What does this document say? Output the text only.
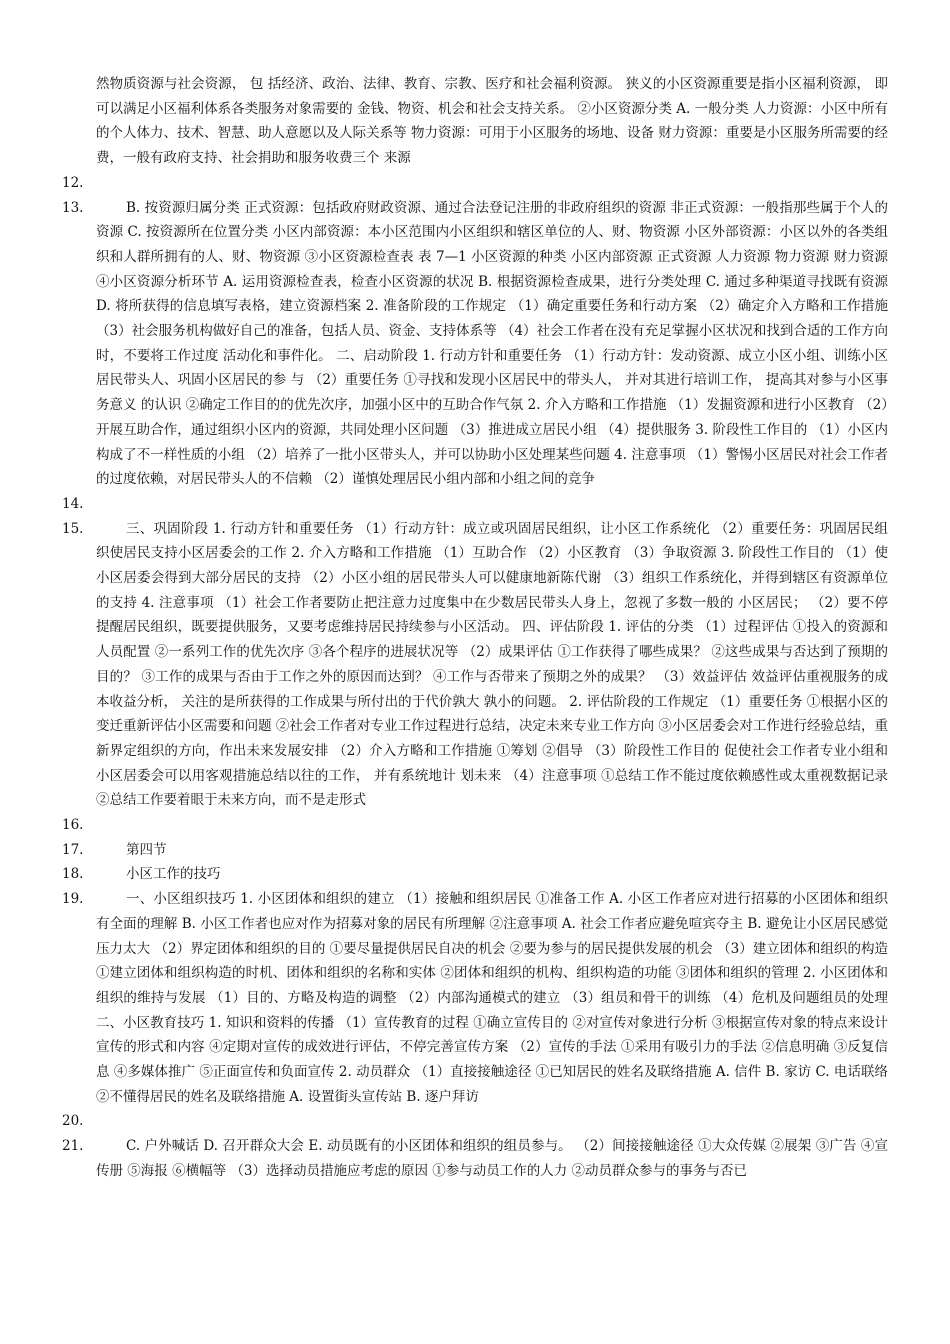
然物质资源与社会资源， 包 括经济、政治、法律、教育、宗教、医疗和社会福利资源。 狭义的小区资源重要是指小区福利资源， 即可以满足小区福利体系各类服务对象需要的 金钱、物资、机会和社会支持关系。 ②小区资源分类 A. 一般分类 人力资源：小区中所有的个人体力、技术、智慧、助人意愿以及人际关系等 物力资源：可用于小区服务的场地、设备 财力资源：重要是小区服务所需要的经费，一般有政府支持、社会捐助和服务收费三个 来源
12.
13.	B. 按资源归属分类 正式资源：包括政府财政资源、通过合法登记注册的非政府组织的资源 非正式资源：一般指那些属于个人的资源 C. 按资源所在位置分类 小区内部资源：本小区范围内小区组织和辖区单位的人、财、物资源 小区外部资源：小区以外的各类组织和人群所拥有的人、财、物资源 ③小区资源检查表 表 7—1 小区资源的种类 小区内部资源 正式资源 人力资源 物力资源 财力资源 ④小区资源分析环节 A. 运用资源检查表，检查小区资源的状况 B. 根据资源检查成果，进行分类处理 C. 通过多种渠道寻找既有资源 D. 将所获得的信息填写表格，建立资源档案 2. 准备阶段的工作规定 （1）确定重要任务和行动方案 （2）确定介入方略和工作措施 （3）社会服务机构做好自己的准备，包括人员、资金、支持体系等 （4）社会工作者在没有充足掌握小区状况和找到合适的工作方向时，不要将工作过度 活动化和事件化。 二、启动阶段 1. 行动方针和重要任务 （1）行动方针：发动资源、成立小区小组、训练小区居民带头人、巩固小区居民的参 与 （2）重要任务 ①寻找和发现小区居民中的带头人， 并对其进行培训工作， 提高其对参与小区事务意义 的认识 ②确定工作目的的优先次序，加强小区中的互助合作气氛 2. 介入方略和工作措施 （1）发掘资源和进行小区教育 （2）开展互助合作，通过组织小区内的资源，共同处理小区问题 （3）推进成立居民小组 （4）提供服务 3. 阶段性工作目的 （1）小区内构成了不一样性质的小组 （2）培养了一批小区带头人，并可以协助小区处理某些问题 4. 注意事项 （1）警惕小区居民对社会工作者的过度依赖，对居民带头人的不信赖 （2）谨慎处理居民小组内部和小组之间的竞争
14.
15.	三、巩固阶段 1. 行动方针和重要任务 （1）行动方针：成立或巩固居民组织，让小区工作系统化 （2）重要任务：巩固居民组织使居民支持小区居委会的工作 2. 介入方略和工作措施 （1）互助合作 （2）小区教育 （3）争取资源 3. 阶段性工作目的 （1）使小区居委会得到大部分居民的支持 （2）小区小组的居民带头人可以健康地新陈代谢 （3）组织工作系统化，并得到辖区有资源单位的支持 4. 注意事项 （1）社会工作者要防止把注意力过度集中在少数居民带头人身上，忽视了多数一般的 小区居民； （2）要不停提醒居民组织，既要提供服务，又要考虑维持居民持续参与小区活动。 四、评估阶段 1. 评估的分类 （1）过程评估 ①投入的资源和人员配置 ②一系列工作的优先次序 ③各个程序的进展状况等 （2）成果评估 ①工作获得了哪些成果？ ②这些成果与否达到了预期的目的？ ③工作的成果与否由于工作之外的原因而达到？ ④工作与否带来了预期之外的成果？ （3）效益评估 效益评估重视服务的成本收益分析， 关注的是所获得的工作成果与所付出的于代价孰大 孰小的问题。 2. 评估阶段的工作规定 （1）重要任务 ①根据小区的变迁重新评估小区需要和问题 ②社会工作者对专业工作过程进行总结，决定未来专业工作方向 ③小区居委会对工作进行经验总结，重新界定组织的方向，作出未来发展安排 （2）介入方略和工作措施 ①筹划 ②倡导 （3）阶段性工作目的 促使社会工作者专业小组和小区居委会可以用客观措施总结以往的工作， 并有系统地计 划未来 （4）注意事项 ①总结工作不能过度依赖感性或太重视数据记录 ②总结工作要着眼于未来方向，而不是走形式
16.
17.	第四节
18.	小区工作的技巧
19.	一、小区组织技巧 1. 小区团体和组织的建立 （1）接触和组织居民 ①准备工作 A. 小区工作者应对进行招募的小区团体和组织有全面的理解 B. 小区工作者也应对作为招募对象的居民有所理解 ②注意事项 A. 社会工作者应避免喧宾夺主 B. 避免让小区居民感觉压力太大 （2）界定团体和组织的目的 ①要尽量提供居民自决的机会 ②要为参与的居民提供发展的机会 （3）建立团体和组织的构造 ①建立团体和组织构造的时机、团体和组织的名称和实体 ②团体和组织的机构、组织构造的功能 ③团体和组织的管理 2. 小区团体和组织的维持与发展 （1）目的、方略及构造的调整 （2）内部沟通模式的建立 （3）组员和骨干的训练 （4）危机及问题组员的处理 二、小区教育技巧 1. 知识和资料的传播 （1）宣传教育的过程 ①确立宣传目的 ②对宣传对象进行分析 ③根据宣传对象的特点来设计宣传的形式和内容 ④定期对宣传的成效进行评估，不停完善宣传方案 （2）宣传的手法 ①采用有吸引力的手法 ②信息明确 ③反复信息 ④多媒体推广 ⑤正面宣传和负面宣传 2. 动员群众 （1）直接接触途径 ①已知居民的姓名及联络措施 A. 信件 B. 家访 C. 电话联络 ②不懂得居民的姓名及联络措施 A. 设置街头宣传站 B. 逐户拜访
20.
21.	C. 户外喊话 D. 召开群众大会 E. 动员既有的小区团体和组织的组员参与。 （2）间接接触途径 ①大众传媒 ②展架 ③广告 ④宣传册 ⑤海报 ⑥横幅等 （3）选择动员措施应考虑的原因 ①参与动员工作的人力 ②动员群众参与的事务与否已
